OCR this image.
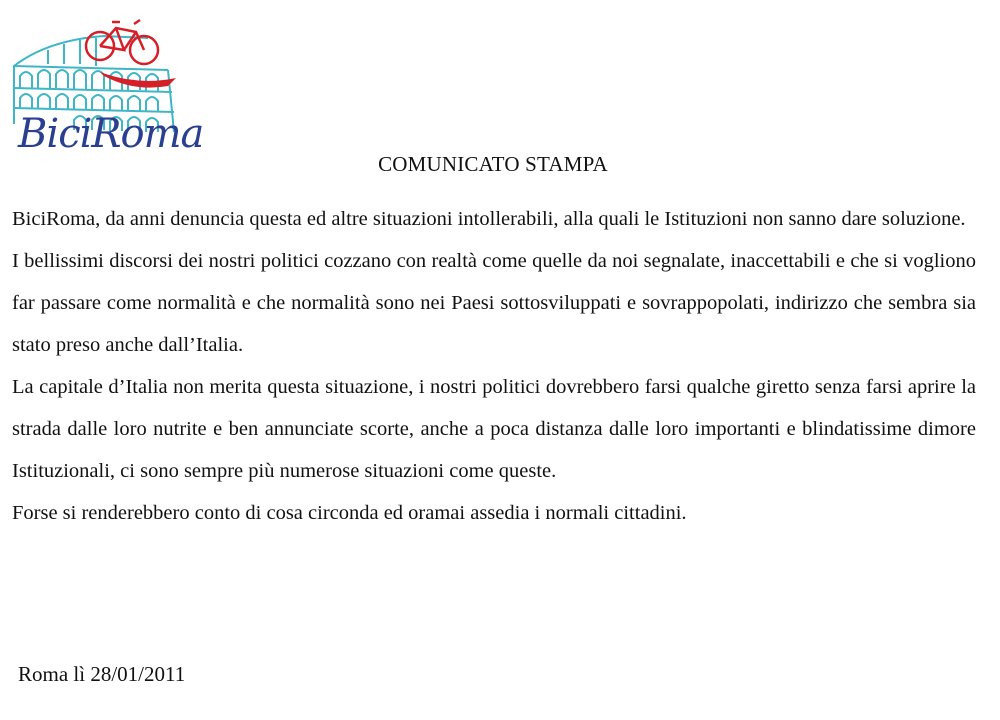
BiciRoma
COMUNICATO STAMPA

BiciRoma, da anni denuncia questa ed altre situazioni intollerabili, alla quali le Istituzioni non sanno dare soluzione.

I bellissimi discorsi dei nostri politici cozzano con realtà come quelle da noi segnalate, inaccettabili e che si vogliono far passare come normalità e che normalità sono nei Paesi sottosviluppati e sovrappopolati, indirizzo che sembra sia stato preso anche dall’Italia.

La capitale d’Italia non merita questa situazione, i nostri politici dovrebbero farsi qualche giretto senza farsi aprire la strada dalle loro nutrite e ben annunciate scorte, anche a poca distanza dalle loro importanti e blindatissime dimore Istituzionali, ci sono sempre più numerose situazioni come queste.

Forse si renderebbero conto di cosa circonda ed oramai assedia i normali cittadini.

Roma lì 28/01/2011
